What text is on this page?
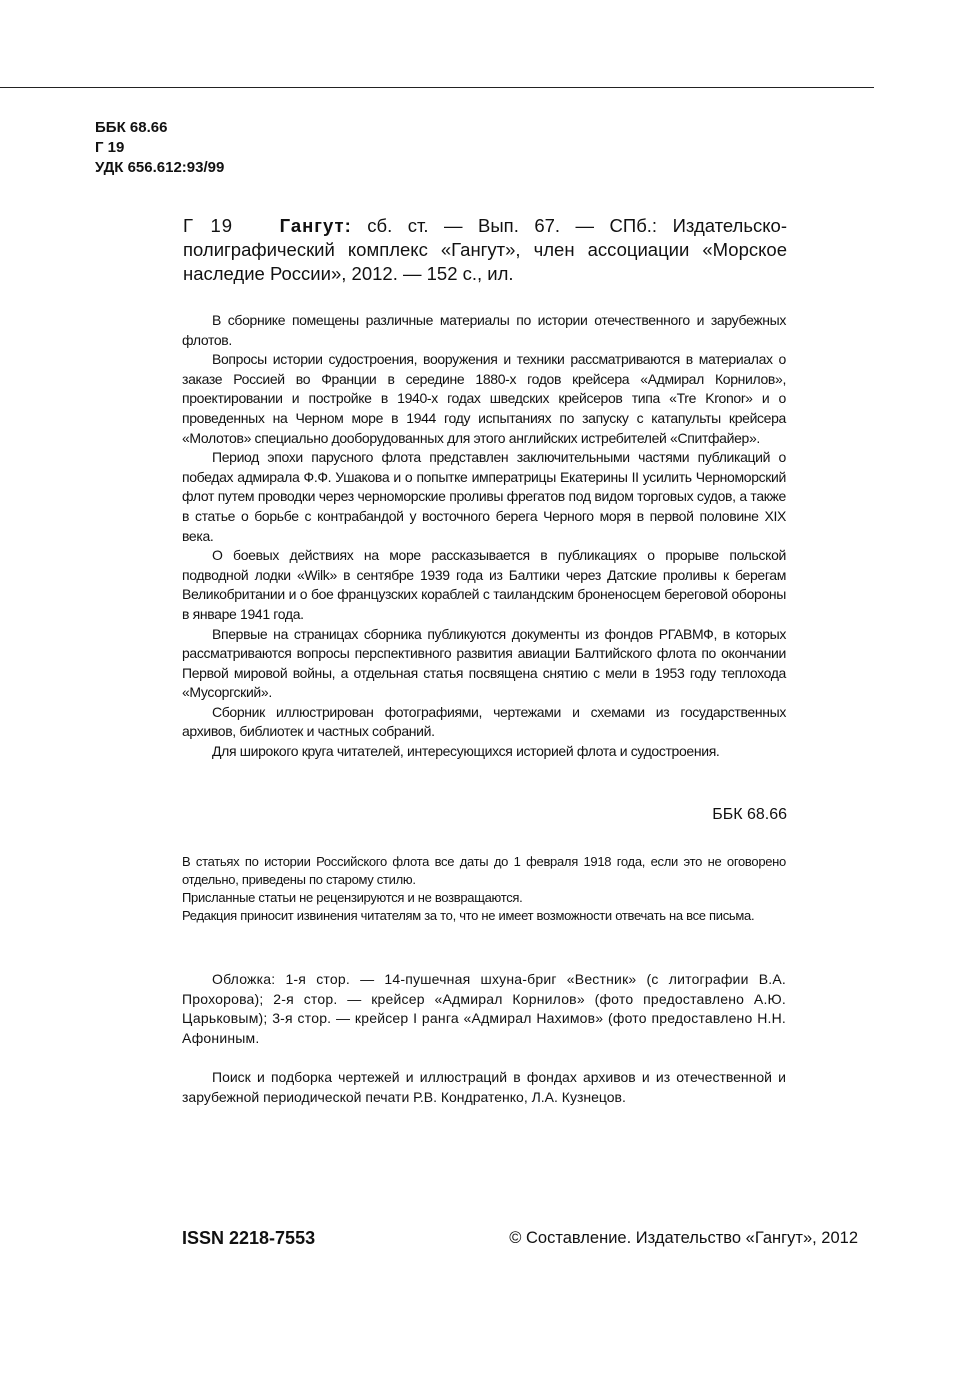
ББК 68.66
Г 19
УДК 656.612:93/99
Г 19	Гангут: сб. ст. — Вып. 67. — СПб.: Издательско-полиграфический комплекс «Гангут», член ассоциации «Морское наследие России», 2012. — 152 с., ил.

В сборнике помещены различные материалы по истории отечественного и зарубежных флотов.

Вопросы истории судостроения, вооружения и техники рассматриваются в материалах о заказе Россией во Франции в середине 1880-х годов крейсера «Адмирал Корнилов», проектировании и постройке в 1940-х годах шведских крейсеров типа «Tre Kronor» и о проведенных на Черном море в 1944 году испытаниях по запуску с катапульты крейсера «Молотов» специально дооборудованных для этого английских истребителей «Спитфайер».

Период эпохи парусного флота представлен заключительными частями публикаций о победах адмирала Ф.Ф. Ушакова и о попытке императрицы Екатерины II усилить Черноморский флот путем проводки через черноморские проливы фрегатов под видом торговых судов, а также в статье о борьбе с контрабандой у восточного берега Черного моря в первой половине XIX века.

О боевых действиях на море рассказывается в публикациях о прорыве польской подводной лодки «Wilk» в сентябре 1939 года из Балтики через Датские проливы к берегам Великобритании и о бое французских кораблей с таиландским броненосцем береговой обороны в январе 1941 года.

Впервые на страницах сборника публикуются документы из фондов РГАВМФ, в которых рассматриваются вопросы перспективного развития авиации Балтийского флота по окончании Первой мировой войны, а отдельная статья посвящена снятию с мели в 1953 году теплохода «Мусоргский».

Сборник иллюстрирован фотографиями, чертежами и схемами из государственных архивов, библиотек и частных собраний.

Для широкого круга читателей, интересующихся историей флота и судостроения.

ББК 68.66

В статьях по истории Российского флота все даты до 1 февраля 1918 года, если это не оговорено отдельно, приведены по старому стилю.

Присланные статьи не рецензируются и не возвращаются.

Редакция приносит извинения читателям за то, что не имеет возможности отвечать на все письма.

Обложка: 1-я стор. — 14-пушечная шхуна-бриг «Вестник» (с литографии В.А. Прохорова); 2-я стор. — крейсер «Адмирал Корнилов» (фото предоставлено А.Ю. Царьковым); 3-я стор. — крейсер I ранга «Адмирал Нахимов» (фото предоставлено Н.Н. Афониным.

Поиск и подборка чертежей и иллюстраций в фондах архивов и из отечественной и зарубежной периодической печати Р.В. Кондратенко, Л.А. Кузнецов.

ISSN 2218-7553	© Составление. Издательство «Гангут», 2012
